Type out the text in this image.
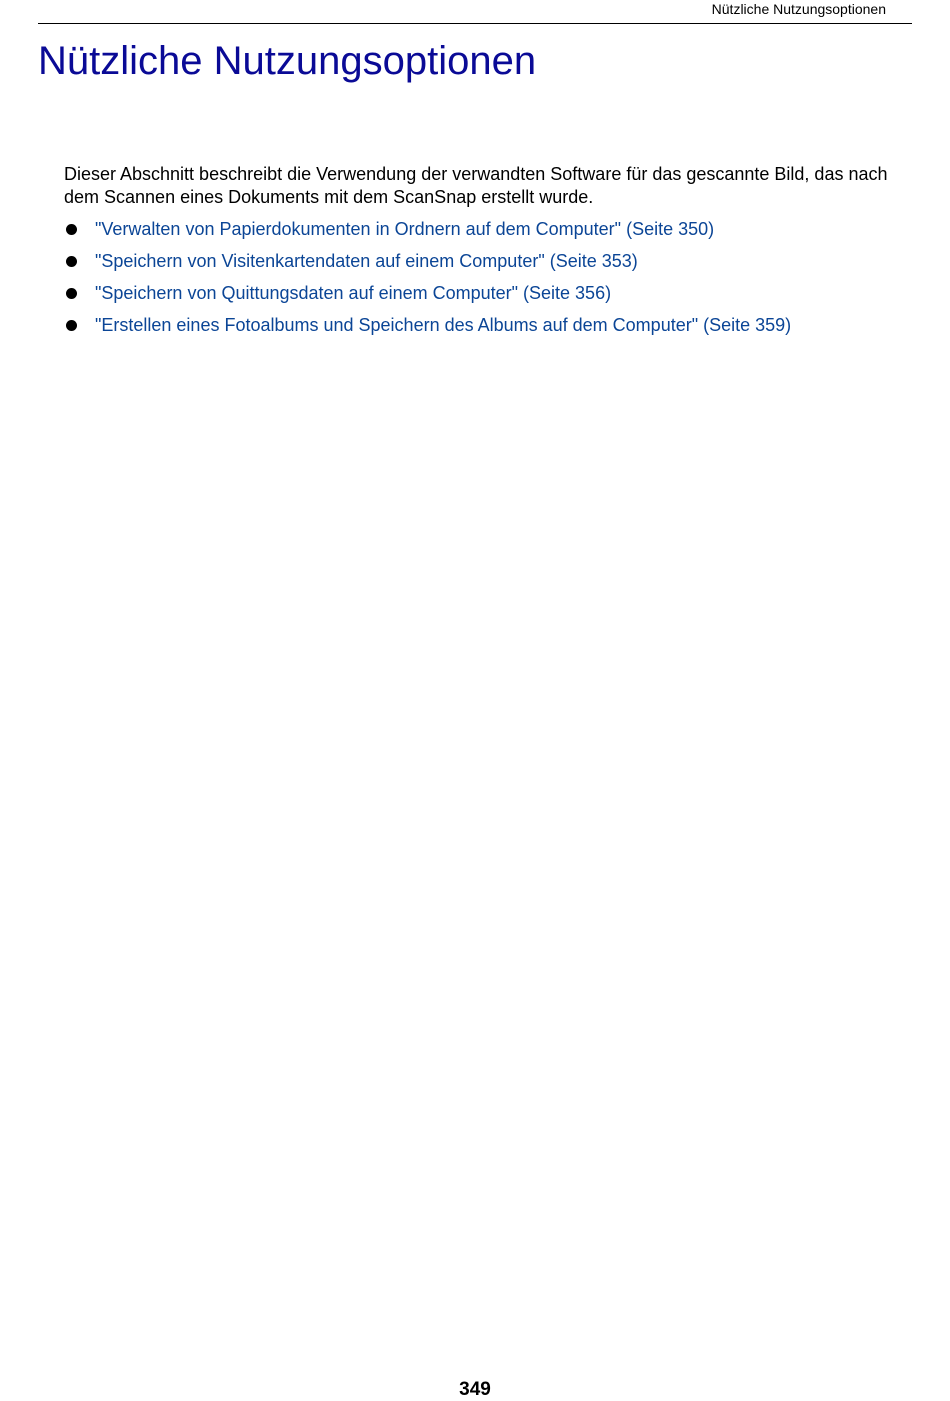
Nützliche Nutzungsoptionen
Nützliche Nutzungsoptionen

Dieser Abschnitt beschreibt die Verwendung der verwandten Software für das gescannte Bild, das nach dem Scannen eines Dokuments mit dem ScanSnap erstellt wurde.

"Verwalten von Papierdokumenten in Ordnern auf dem Computer" (Seite 350)
"Speichern von Visitenkartendaten auf einem Computer" (Seite 353)
"Speichern von Quittungsdaten auf einem Computer" (Seite 356)
"Erstellen eines Fotoalbums und Speichern des Albums auf dem Computer" (Seite 359)
349
